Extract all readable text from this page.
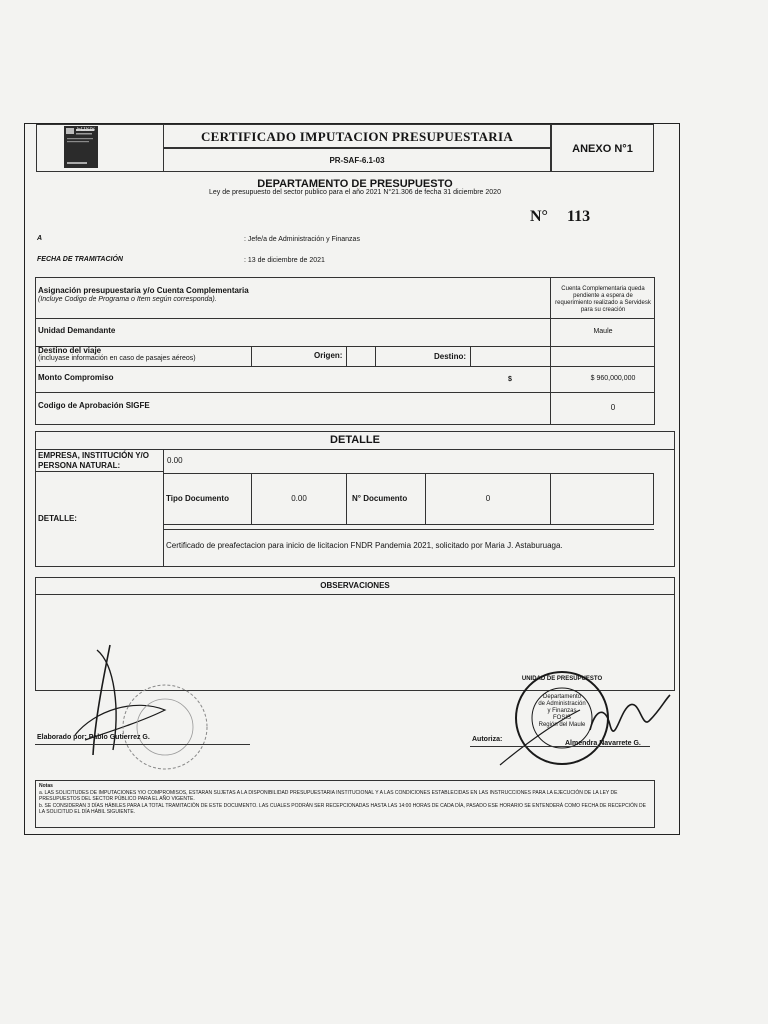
FOSIS	CERTIFICADO IMPUTACION PRESUPUESTARIA
PR-SAF-6.1-03
ANEXO N°1
DEPARTAMENTO DE PRESUPUESTO
Ley de presupuesto del sector publico para el año 2021 N°21.306 de fecha 31 diciembre 2020
N° 113
A	: Jefe/a de Administración y Finanzas
FECHA DE TRAMITACIÓN	: 13 de diciembre de 2021
Asignación presupuestaria y/o Cuenta Complementaria
(Incluye Codigo de Programa o Item según corresponda).
Cuenta Complementaria queda pendiente a espera de requerimiento realizado a Servidesk para su creación
Unidad Demandante	Maule
Destino del viaje
(incluyase información en caso de pasajes aéreos)	Origen:	Destino:
Monto Compromiso	$	$ 960,000,000
Codigo de Aprobación SIGFE	0
DETALLE
EMPRESA, INSTITUCIÓN Y/O PERSONA NATURAL:
0.00
DETALLE:
Tipo Documento	0.00	N° Documento	0
Certificado de preafectacion para inicio de licitacion FNDR Pandemia 2021, solicitado por Maria J. Astaburuaga.
OBSERVACIONES
Elaborado por: Pablo Gutierrez G.
UNIDAD DE PRESUPUESTO
Departamento
de Administración
y Finanzas
FOSIS
Región del Maule
Autoriza:
Almendra Navarrete G.
Notas
a. LAS SOLICITUDES DE IMPUTACIONES Y/O COMPROMISOS, ESTARAN SUJETAS A LA DISPONIBILIDAD PRESUPUESTARIA INSTITUCIONAL Y A LAS CONDICIONES ESTABLECIDAS EN LAS INSTRUCCIONES PARA LA EJECUCIÓN DE LA LEY DE PRESUPUESTOS DEL SECTOR PÚBLICO PARA EL AÑO VIGENTE.
b. SE CONSIDERAN 3 DÍAS HÁBILES PARA LA TOTAL TRAMITACIÓN DE ESTE DOCUMENTO. LAS CUALES PODRÁN SER RECEPCIONADAS HASTA LAS 14:00 HORAS DE CADA DÍA, PASADO ESE HORARIO SE ENTENDERÁ COMO FECHA DE RECEPCIÓN DE LA SOLICITUD EL DÍA HÁBIL SIGUIENTE.
